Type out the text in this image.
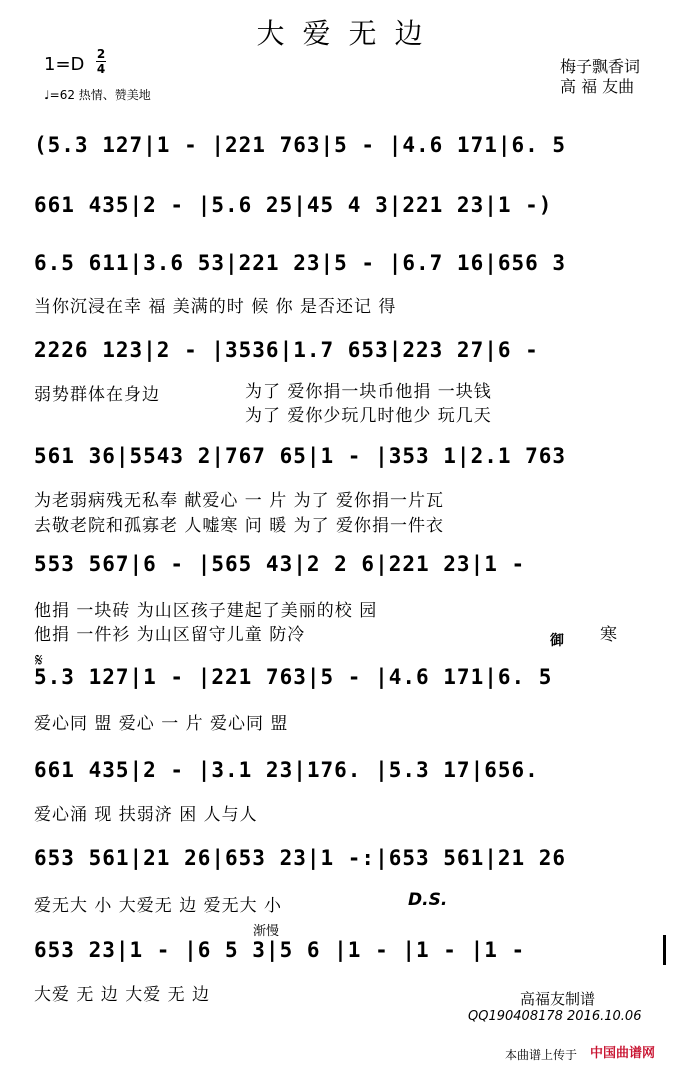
大爱无边
1=D 2
4
♩=62 热情、赞美地
梅子飘香词
高 福 友曲
(5.3 127|1 - |221 763|5 - |4.6 171|6. 5
661 435|2 - |5.6 25|45 4 3|221 23|1 -)
6.5 611|3.6 53|221 23|5 - |6.7 16|656 3
当你沉浸在幸 福 美满的时 候 你 是否还记 得
2226 123|2 - |3536|1.7 653|223 27|6 -
弱势群体在身边	为了 爱你捐一块币他捐 一块钱
为了 爱你少玩几时他少 玩几天
561 36|5543 2|767 65|1 - |353 1|2.1 763
为老弱病残无私奉 献爱心 一 片 为了 爱你捐一片瓦
去敬老院和孤寡老 人嘘寒 问 暖 为了 爱你捐一件衣
553 567|6 - |565 43|2 2 6|221 23|1 -
他捐 一块砖 为山区孩子建起了美丽的校 园
他捐 一件衫 为山区留守儿童 防冷	御 寒
𝄋
5.3 127|1 - |221 763|5 - |4.6 171|6. 5
爱心同 盟 爱心 一 片 爱心同 盟
661 435|2 - |3.1 23|176. |5.3 17|656.
爱心涌 现 扶弱济 困 人与人
653 561|21 26|653 23|1 -:|653 561|21 26
爱无大 小 大爱无 边 爱无大 小	D.S.
渐慢
653 23|1 - |6 5 3|5 6 |1 - |1 - |1 -
大爱 无 边 大爱 无 边	高福友制谱
QQ190408178 2016.10.06
本曲谱上传于 中国曲谱网
